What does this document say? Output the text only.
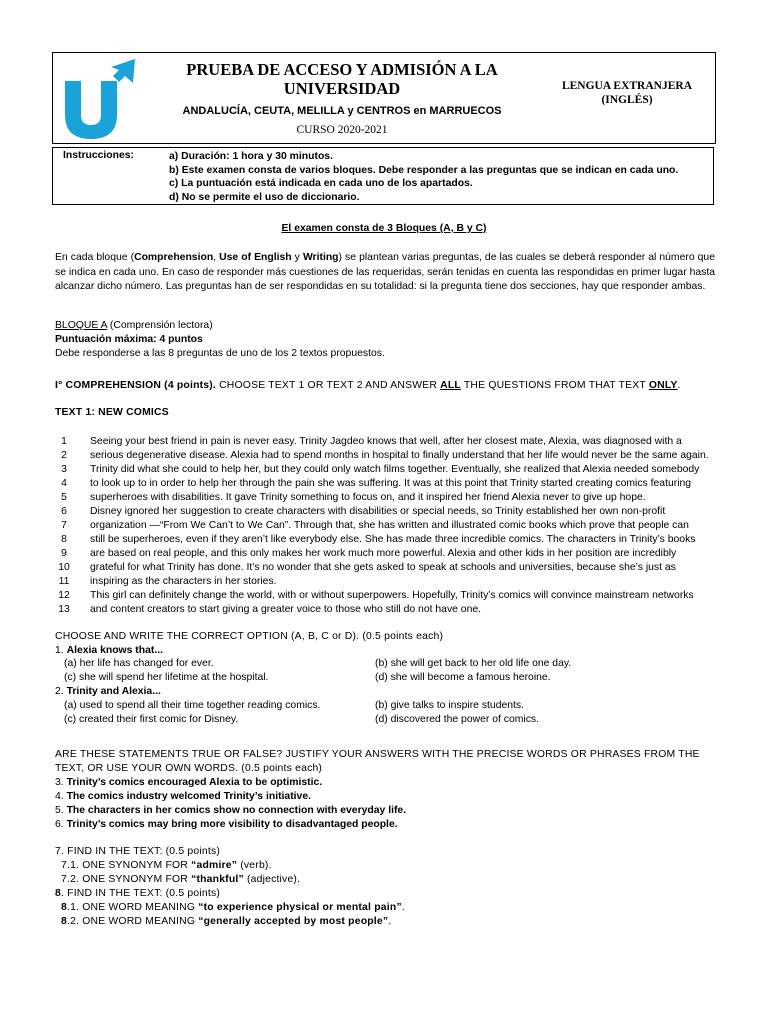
PRUEBA DE ACCESO Y ADMISIÓN A LA
UNIVERSIDAD
ANDALUCÍA, CEUTA, MELILLA y CENTROS en MARRUECOS
CURSO 2020-2021
LENGUA EXTRANJERA
(INGLÉS)
Instrucciones:	a) Duración: 1 hora y 30 minutos.
b) Este examen consta de varios bloques. Debe responder a las preguntas que se indican en cada uno.
c) La puntuación está indicada en cada uno de los apartados.
d) No se permite el uso de diccionario.
El examen consta de 3 Bloques (A, B y C)
En cada bloque (Comprehension, Use of English y Writing) se plantean varias preguntas, de las cuales se deberá responder al número que se indica en cada uno. En caso de responder más cuestiones de las requeridas, serán tenidas en cuenta las respondidas en primer lugar hasta alcanzar dicho número. Las preguntas han de ser respondidas en su totalidad: si la pregunta tiene dos secciones, hay que responder ambas.
BLOQUE A (Comprensión lectora)
Puntuación máxima: 4 puntos
Debe responderse a las 8 preguntas de uno de los 2 textos propuestos.
I° COMPREHENSION (4 points). CHOOSE TEXT 1 OR TEXT 2 AND ANSWER ALL THE QUESTIONS FROM THAT TEXT ONLY.
TEXT 1: NEW COMICS
1	Seeing your best friend in pain is never easy. Trinity Jagdeo knows that well, after her closest mate, Alexia, was diagnosed with a
2	serious degenerative disease. Alexia had to spend months in hospital to finally understand that her life would never be the same again.
3	Trinity did what she could to help her, but they could only watch films together. Eventually, she realized that Alexia needed somebody
4	to look up to in order to help her through the pain she was suffering. It was at this point that Trinity started creating comics featuring
5	superheroes with disabilities. It gave Trinity something to focus on, and it inspired her friend Alexia never to give up hope.
6	Disney ignored her suggestion to create characters with disabilities or special needs, so Trinity established her own non-profit
7	organization —“From We Can’t to We Can”. Through that, she has written and illustrated comic books which prove that people can
8	still be superheroes, even if they aren’t like everybody else. She has made three incredible comics. The characters in Trinity’s books
9	are based on real people, and this only makes her work much more powerful. Alexia and other kids in her position are incredibly
10	grateful for what Trinity has done. It’s no wonder that she gets asked to speak at schools and universities, because she’s just as
11	inspiring as the characters in her stories.
12	This girl can definitely change the world, with or without superpowers. Hopefully, Trinity’s comics will convince mainstream networks
13	and content creators to start giving a greater voice to those who still do not have one.
CHOOSE AND WRITE THE CORRECT OPTION (A, B, C or D). (0.5 points each)
1. Alexia knows that...
(a) her life has changed for ever.	(b) she will get back to her old life one day.
(c) she will spend her lifetime at the hospital.	(d) she will become a famous heroine.
2. Trinity and Alexia...
(a) used to spend all their time together reading comics.	(b) give talks to inspire students.
(c) created their first comic for Disney.	(d) discovered the power of comics.
ARE THESE STATEMENTS TRUE OR FALSE? JUSTIFY YOUR ANSWERS WITH THE PRECISE WORDS OR PHRASES FROM THE
TEXT, OR USE YOUR OWN WORDS. (0.5 points each)
3. Trinity’s comics encouraged Alexia to be optimistic.
4. The comics industry welcomed Trinity’s initiative.
5. The characters in her comics show no connection with everyday life.
6. Trinity’s comics may bring more visibility to disadvantaged people.
7. FIND IN THE TEXT: (0.5 points)
7.1. ONE SYNONYM FOR “admire” (verb).
7.2. ONE SYNONYM FOR “thankful” (adjective).
8. FIND IN THE TEXT: (0.5 points)
8.1. ONE WORD MEANING “to experience physical or mental pain”.
8.2. ONE WORD MEANING “generally accepted by most people”.
